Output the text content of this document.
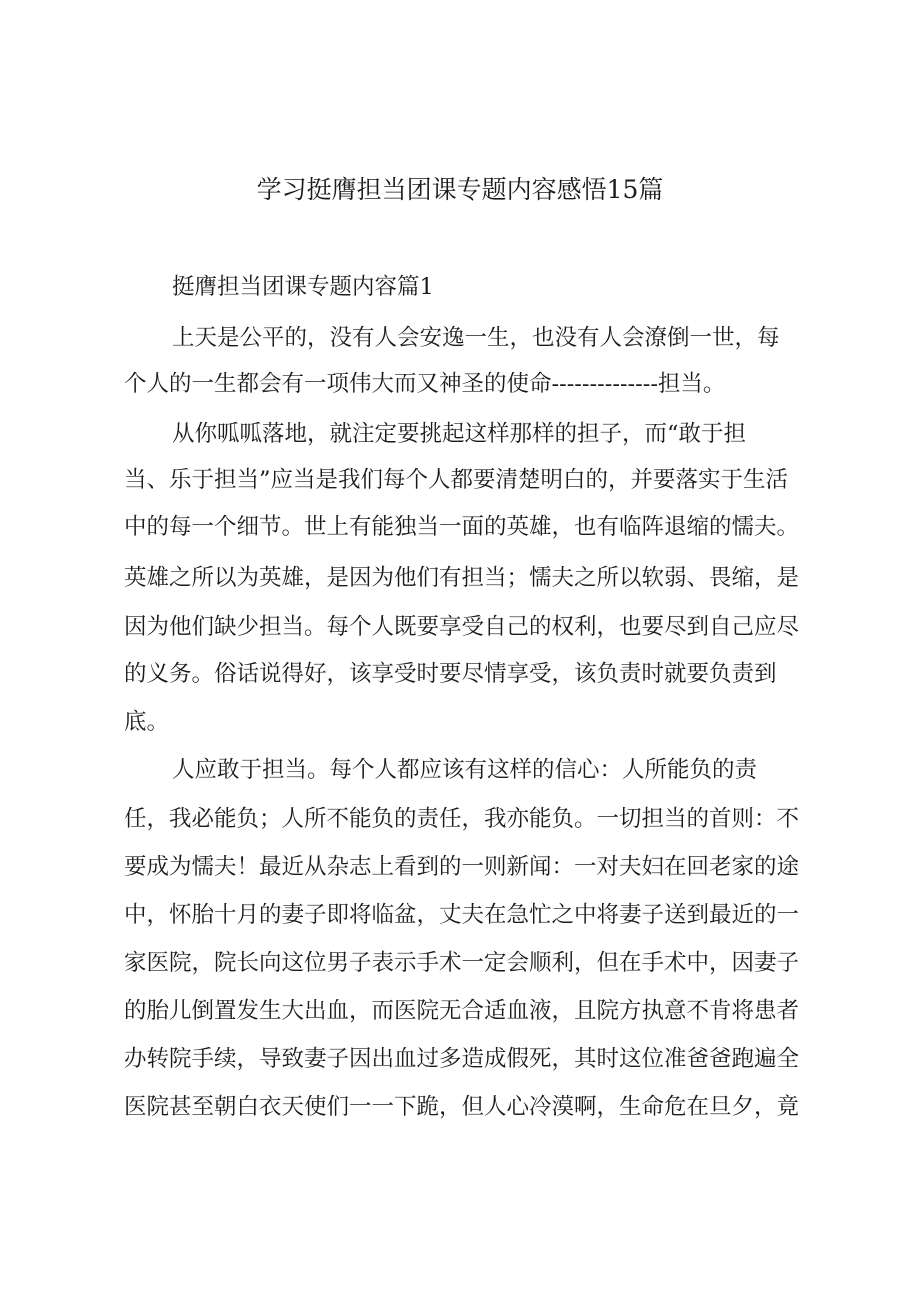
学习挺膺担当团课专题内容感悟15篇
挺膺担当团课专题内容篇1
上天是公平的，没有人会安逸一生，也没有人会潦倒一世，每
个人的一生都会有一项伟大而又神圣的使命--------------担当。
从你呱呱落地，就注定要挑起这样那样的担子，而“敢于担
当、乐于担当”应当是我们每个人都要清楚明白的，并要落实于生活
中的每一个细节。世上有能独当一面的英雄，也有临阵退缩的懦夫。
英雄之所以为英雄，是因为他们有担当；懦夫之所以软弱、畏缩，是
因为他们缺少担当。每个人既要享受自己的权利，也要尽到自己应尽
的义务。俗话说得好，该享受时要尽情享受，该负责时就要负责到
底。
人应敢于担当。每个人都应该有这样的信心：人所能负的责
任，我必能负；人所不能负的责任，我亦能负。一切担当的首则：不
要成为懦夫！最近从杂志上看到的一则新闻：一对夫妇在回老家的途
中，怀胎十月的妻子即将临盆，丈夫在急忙之中将妻子送到最近的一
家医院，院长向这位男子表示手术一定会顺利，但在手术中，因妻子
的胎儿倒置发生大出血，而医院无合适血液，且院方执意不肯将患者
办转院手续，导致妻子因出血过多造成假死，其时这位准爸爸跑遍全
医院甚至朝白衣天使们一一下跪，但人心冷漠啊，生命危在旦夕，竟
